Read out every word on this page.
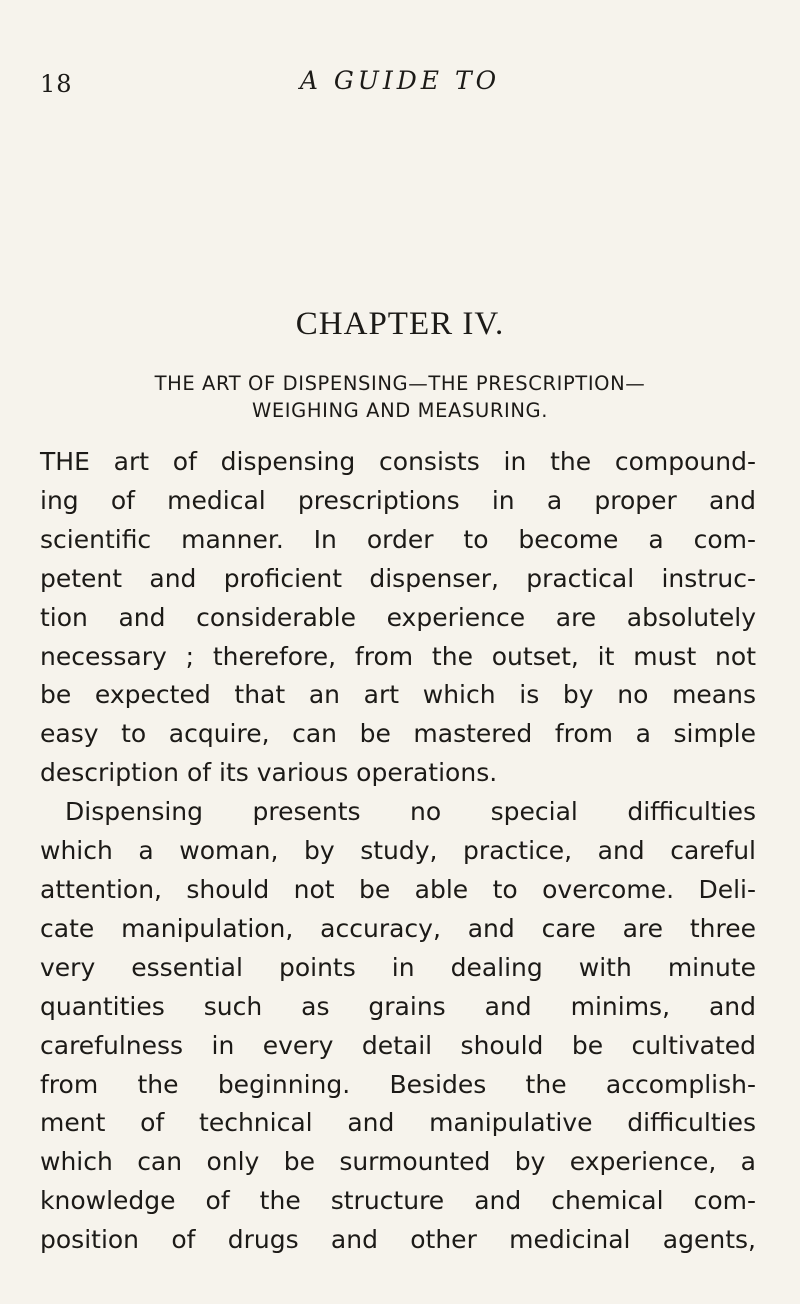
18	A GUIDE TO
CHAPTER IV.
THE ART OF DISPENSING—THE PRESCRIPTION—
WEIGHING AND MEASURING.
THE art of dispensing consists in the compound-
ing of medical prescriptions in a proper and
scientific manner. In order to become a com-
petent and proficient dispenser, practical instruc-
tion and considerable experience are absolutely
necessary ; therefore, from the outset, it must not
be expected that an art which is by no means
easy to acquire, can be mastered from a simple
description of its various operations.
Dispensing presents no special difficulties
which a woman, by study, practice, and careful
attention, should not be able to overcome. Deli-
cate manipulation, accuracy, and care are three
very essential points in dealing with minute
quantities such as grains and minims, and
carefulness in every detail should be cultivated
from the beginning. Besides the accomplish-
ment of technical and manipulative difficulties
which can only be surmounted by experience, a
knowledge of the structure and chemical com-
position of drugs and other medicinal agents,
